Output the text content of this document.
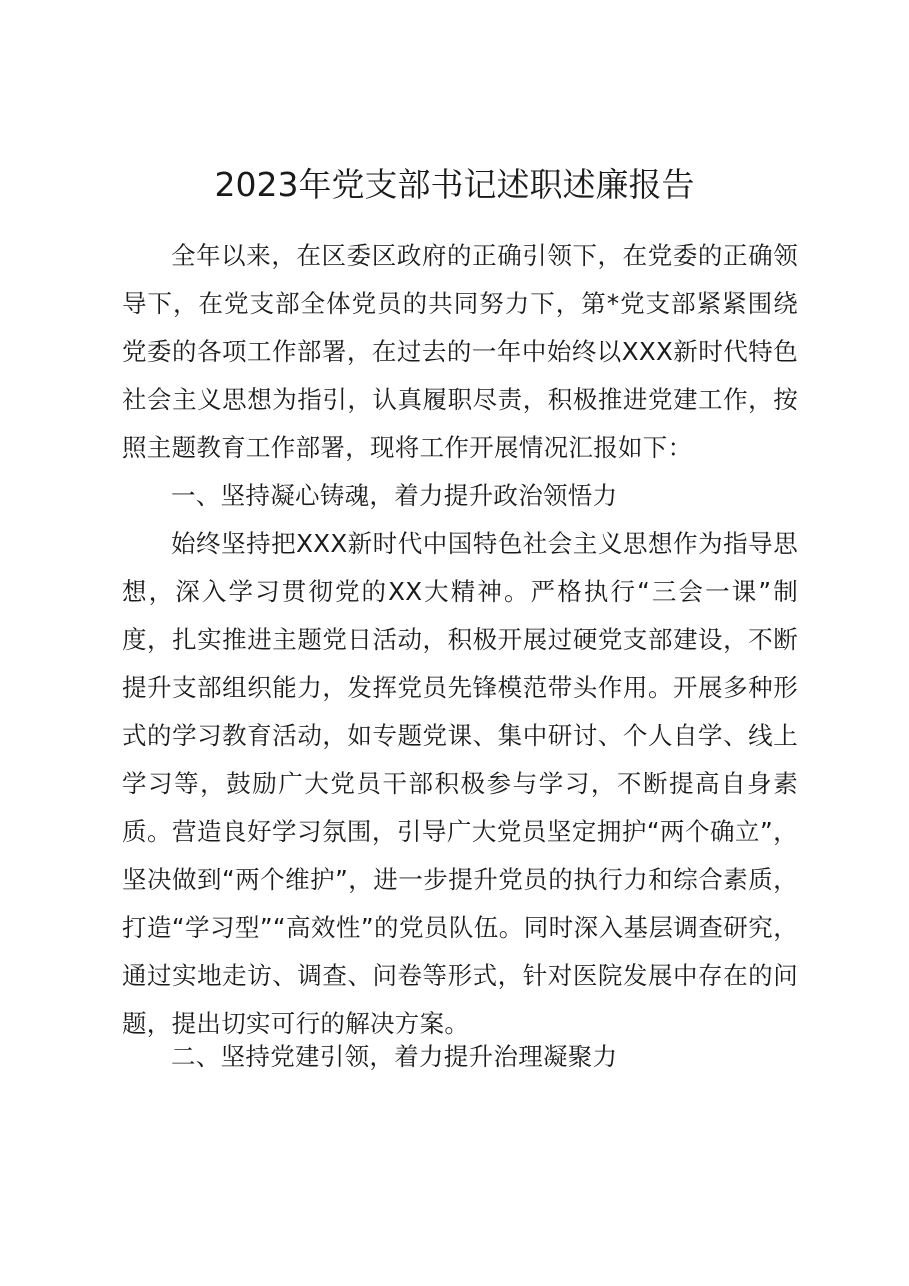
2023年党支部书记述职述廉报告

全年以来，在区委区政府的正确引领下，在党委的正确领导下，在党支部全体党员的共同努力下，第*党支部紧紧围绕党委的各项工作部署，在过去的一年中始终以XXX新时代特色社会主义思想为指引，认真履职尽责，积极推进党建工作，按照主题教育工作部署，现将工作开展情况汇报如下：

一、坚持凝心铸魂，着力提升政治领悟力

始终坚持把XXX新时代中国特色社会主义思想作为指导思想，深入学习贯彻党的XX大精神。严格执行“三会一课”制度，扎实推进主题党日活动，积极开展过硬党支部建设，不断提升支部组织能力，发挥党员先锋模范带头作用。开展多种形式的学习教育活动，如专题党课、集中研讨、个人自学、线上学习等，鼓励广大党员干部积极参与学习，不断提高自身素质。营造良好学习氛围，引导广大党员坚定拥护“两个确立”，坚决做到“两个维护”，进一步提升党员的执行力和综合素质，打造“学习型”“高效性”的党员队伍。同时深入基层调查研究，通过实地走访、调查、问卷等形式，针对医院发展中存在的问题，提出切实可行的解决方案。

二、坚持党建引领，着力提升治理凝聚力
